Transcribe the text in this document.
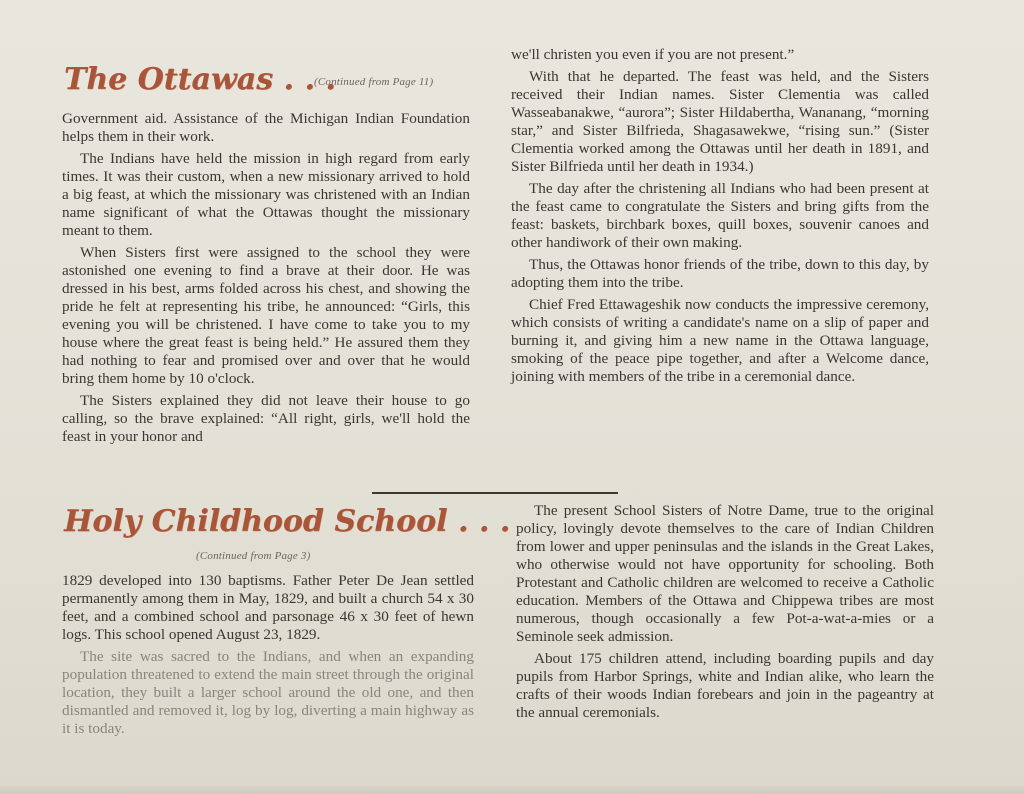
The Ottawas . . .
(Continued from Page 11)

Government aid. Assistance of the Michigan Indian Foundation helps them in their work.

The Indians have held the mission in high regard from early times. It was their custom, when a new missionary arrived to hold a big feast, at which the missionary was christened with an Indian name significant of what the Ottawas thought the missionary meant to them.

When Sisters first were assigned to the school they were astonished one evening to find a brave at their door. He was dressed in his best, arms folded across his chest, and showing the pride he felt at representing his tribe, he announced: “Girls, this evening you will be christened. I have come to take you to my house where the great feast is being held.” He assured them they had nothing to fear and promised over and over that he would bring them home by 10 o'clock.

The Sisters explained they did not leave their house to go calling, so the brave explained: “All right, girls, we'll hold the feast in your honor and

we'll christen you even if you are not present.”

With that he departed. The feast was held, and the Sisters received their Indian names. Sister Clementia was called Wasseabanakwe, “aurora”; Sister Hildabertha, Wananang, “morning star,” and Sister Bilfrieda, Shagasawekwe, “rising sun.” (Sister Clementia worked among the Ottawas until her death in 1891, and Sister Bilfrieda until her death in 1934.)

The day after the christening all Indians who had been present at the feast came to congratulate the Sisters and bring gifts from the feast: baskets, birchbark boxes, quill boxes, souvenir canoes and other handiwork of their own making.

Thus, the Ottawas honor friends of the tribe, down to this day, by adopting them into the tribe.

Chief Fred Ettawageshik now conducts the impressive ceremony, which consists of writing a candidate's name on a slip of paper and burning it, and giving him a new name in the Ottawa language, smoking of the peace pipe together, and after a Welcome dance, joining with members of the tribe in a ceremonial dance.

Holy Childhood School . . .
(Continued from Page 3)

1829 developed into 130 baptisms. Father Peter De Jean settled permanently among them in May, 1829, and built a church 54 x 30 feet, and a combined school and parsonage 46 x 30 feet of hewn logs. This school opened August 23, 1829.

The site was sacred to the Indians, and when an expanding population threatened to extend the main street through the original location, they built a larger school around the old one, and then dismantled and removed it, log by log, diverting a main highway as it is today.

The present School Sisters of Notre Dame, true to the original policy, lovingly devote themselves to the care of Indian Children from lower and upper peninsulas and the islands in the Great Lakes, who otherwise would not have opportunity for schooling. Both Protestant and Catholic children are welcomed to receive a Catholic education. Members of the Ottawa and Chippewa tribes are most numerous, though occasionally a few Pot-a-wat-a-mies or a Seminole seek admission.

About 175 children attend, including boarding pupils and day pupils from Harbor Springs, white and Indian alike, who learn the crafts of their woods Indian forebears and join in the pageantry at the annual ceremonials.
